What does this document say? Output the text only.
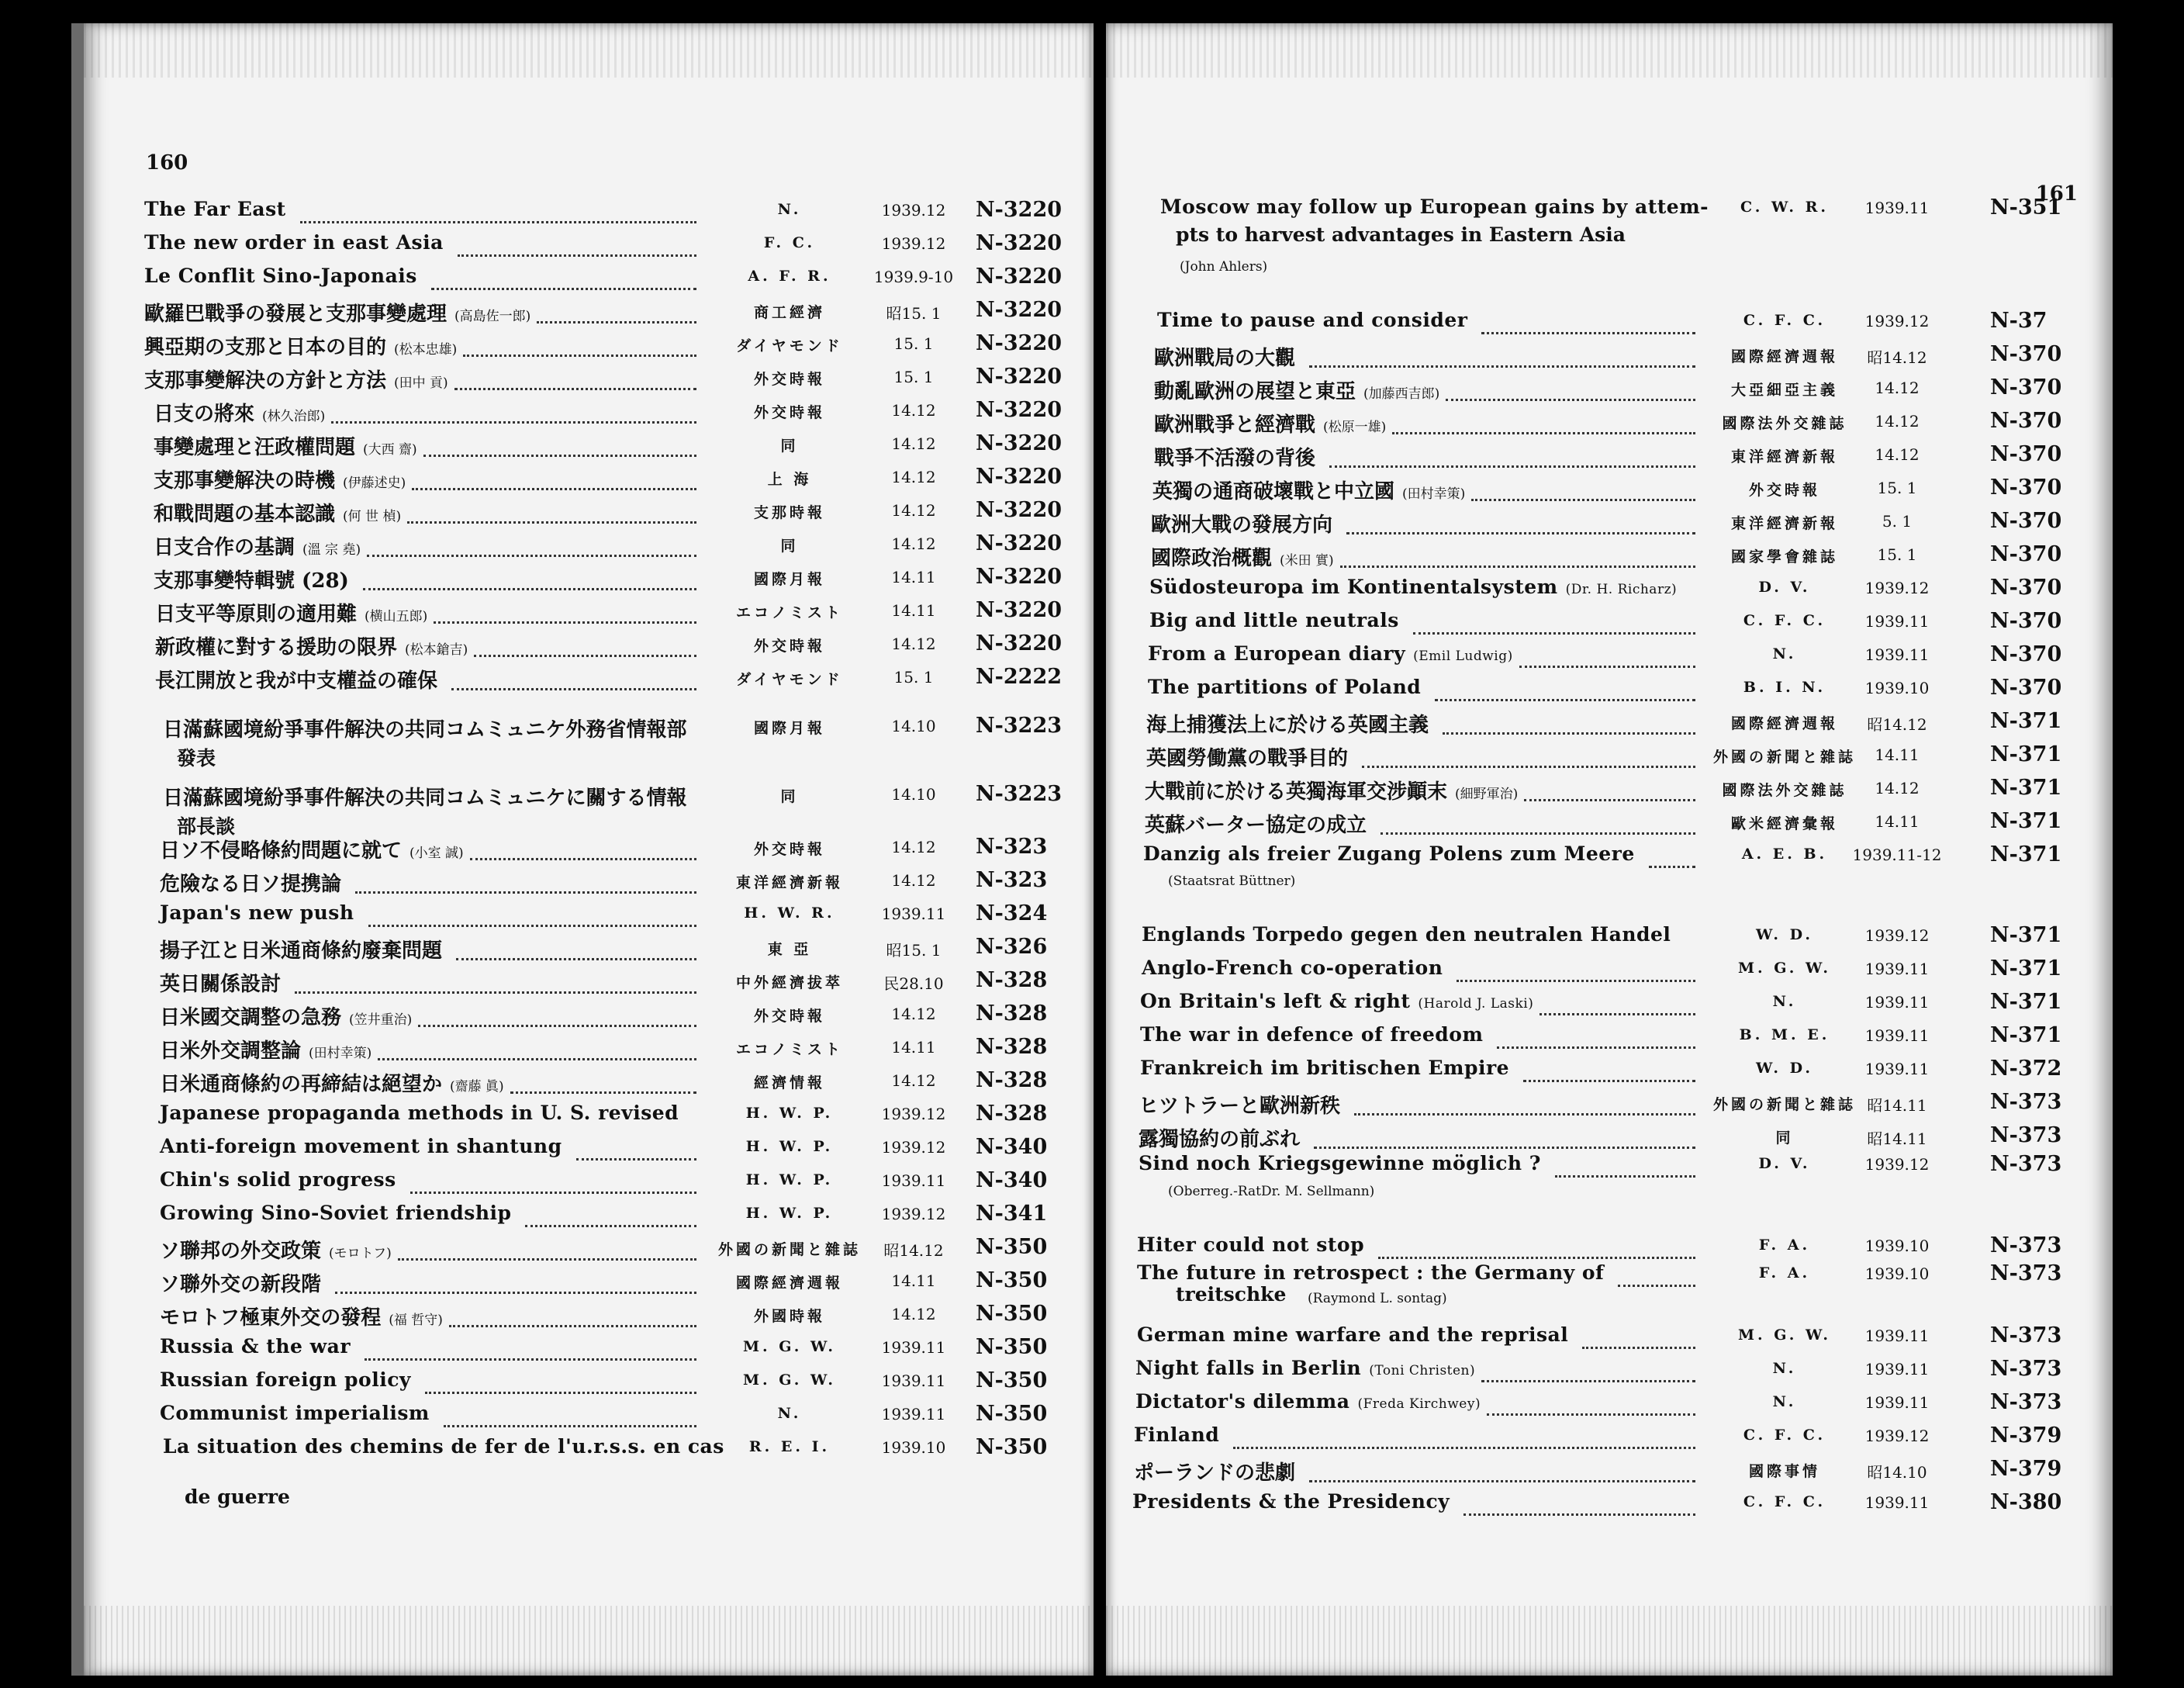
160
The Far East	N.	1939.12	N-3220
The new order in east Asia	F. C.	1939.12	N-3220
Le Conflit Sino-Japonais	A. F. R.	1939.9-10	N-3220
歐羅巴戰爭の發展と支那事變處理 (高島佐一郎)	商工經濟	昭15. 1	N-3220
興亞期の支那と日本の目的 (松本忠雄)	ダイヤモンド	15. 1	N-3220
支那事變解決の方針と方法 (田中 貢)	外交時報	15. 1	N-3220
日支の將來 (林久治郎)	外交時報	14.12	N-3220
事變處理と汪政權問題 (大西 齋)	同	14.12	N-3220
支那事變解決の時機 (伊藤述史)	上 海	14.12	N-3220
和戰問題の基本認識 (何 世 楨)	支那時報	14.12	N-3220
日支合作の基調 (溫 宗 堯)	同	14.12	N-3220
支那事變特輯號 (28)	國際月報	14.11	N-3220
日支平等原則の適用難 (横山五郎)	エコノミスト	14.11	N-3220
新政權に對する援助の限界 (松本鎗吉)	外交時報	14.12	N-3220
長江開放と我が中支權益の確保	ダイヤモンド	15. 1	N-2222
日滿蘇國境紛爭事件解決の共同コムミュニケ外務省情報部	國際月報	14.10	N-3223
日滿蘇國境紛爭事件解決の共同コムミュニケに關する情報	同	14.10	N-3223
日ソ不侵略條約問題に就て (小室 誠)	外交時報	14.12	N-323
危險なる日ソ提携論	東洋經濟新報	14.12	N-323
Japan's new push	H. W. R.	1939.11	N-324
揚子江と日米通商條約廢棄問題	東 亞	昭15. 1	N-326
英日關係設討	中外經濟拔萃	民28.10	N-328
日米國交調整の急務 (笠井重治)	外交時報	14.12	N-328
日米外交調整論 (田村幸策)	エコノミスト	14.11	N-328
日米通商條約の再締結は絕望か (齋藤 眞)	經濟情報	14.12	N-328
Japanese propaganda methods in U. S. revised	H. W. P.	1939.12	N-328
Anti-foreign movement in shantung	H. W. P.	1939.12	N-340
Chin's solid progress	H. W. P.	1939.11	N-340
Growing Sino-Soviet friendship	H. W. P.	1939.12	N-341
ソ聯邦の外交政策 (モロトフ)	外國の新聞と雜誌	昭14.12	N-350
ソ聯外交の新段階	國際經濟週報	14.11	N-350
モロトフ極東外交の發程 (福 哲守)	外國時報	14.12	N-350
Russia & the war	M. G. W.	1939.11	N-350
Russian foreign policy	M. G. W.	1939.11	N-350
Communist imperialism	N.	1939.11	N-350
La situation des chemins de fer de l'u.r.s.s. en cas	R. E. I.	1939.10	N-350
發表
部長談
de guerre
161
Moscow may follow up European gains by attem-	C. W. R.	1939.11	N-351
Time to pause and consider	C. F. C.	1939.12	N-37
歐洲戰局の大觀	國際經濟週報	昭14.12	N-370
動亂歐洲の展望と東亞 (加藤西吉郎)	大亞細亞主義	14.12	N-370
歐洲戰爭と經濟戰 (松原一雄)	國際法外交雜誌	14.12	N-370
戰爭不活潑の背後	東洋經濟新報	14.12	N-370
英獨の通商破壞戰と中立國 (田村幸策)	外交時報	15. 1	N-370
歐洲大戰の發展方向	東洋經濟新報	5. 1	N-370
國際政治概觀 (米田 實)	國家學會雜誌	15. 1	N-370
Südosteuropa im Kontinentalsystem (Dr. H. Richarz)	D. V.	1939.12	N-370
Big and little neutrals	C. F. C.	1939.11	N-370
From a European diary (Emil Ludwig)	N.	1939.11	N-370
The partitions of Poland	B. I. N.	1939.10	N-370
海上捕獲法上に於ける英國主義	國際經濟週報	昭14.12	N-371
英國勞働黨の戰爭目的	外國の新聞と雜誌	14.11	N-371
大戰前に於ける英獨海軍交涉顚末 (細野軍治)	國際法外交雜誌	14.12	N-371
英蘇バーター協定の成立	歐米經濟彙報	14.11	N-371
Danzig als freier Zugang Polens zum Meere	A. E. B.	1939.11-12	N-371
Englands Torpedo gegen den neutralen Handel	W. D.	1939.12	N-371
Anglo-French co-operation	M. G. W.	1939.11	N-371
On Britain's left & right (Harold J. Laski)	N.	1939.11	N-371
The war in defence of freedom	B. M. E.	1939.11	N-371
Frankreich im britischen Empire	W. D.	1939.11	N-372
ヒツトラーと歐洲新秩	外國の新聞と雜誌 昭14.11	N-373
露獨協約の前ぶれ	同	昭14.11	N-373
Sind noch Kriegsgewinne möglich ?	D. V.	1939.12	N-373
Hiter could not stop	F. A.	1939.10	N-373
The future in retrospect : the Germany of	F. A.	1939.10	N-373
German mine warfare and the reprisal	M. G. W.	1939.11	N-373
Night falls in Berlin (Toni Christen)	N.	1939.11	N-373
Dictator's dilemma (Freda Kirchwey)	N.	1939.11	N-373
Finland	C. F. C.	1939.12	N-379
ポーランドの悲劇	國際事情	昭14.10	N-379
Presidents & the Presidency	C. F. C.	1939.11	N-380
pts to harvest advantages in Eastern Asia
(John Ahlers)
(Staatsrat Büttner)
(Oberreg.-RatDr. M. Sellmann)
treitschke (Raymond L. sontag)
